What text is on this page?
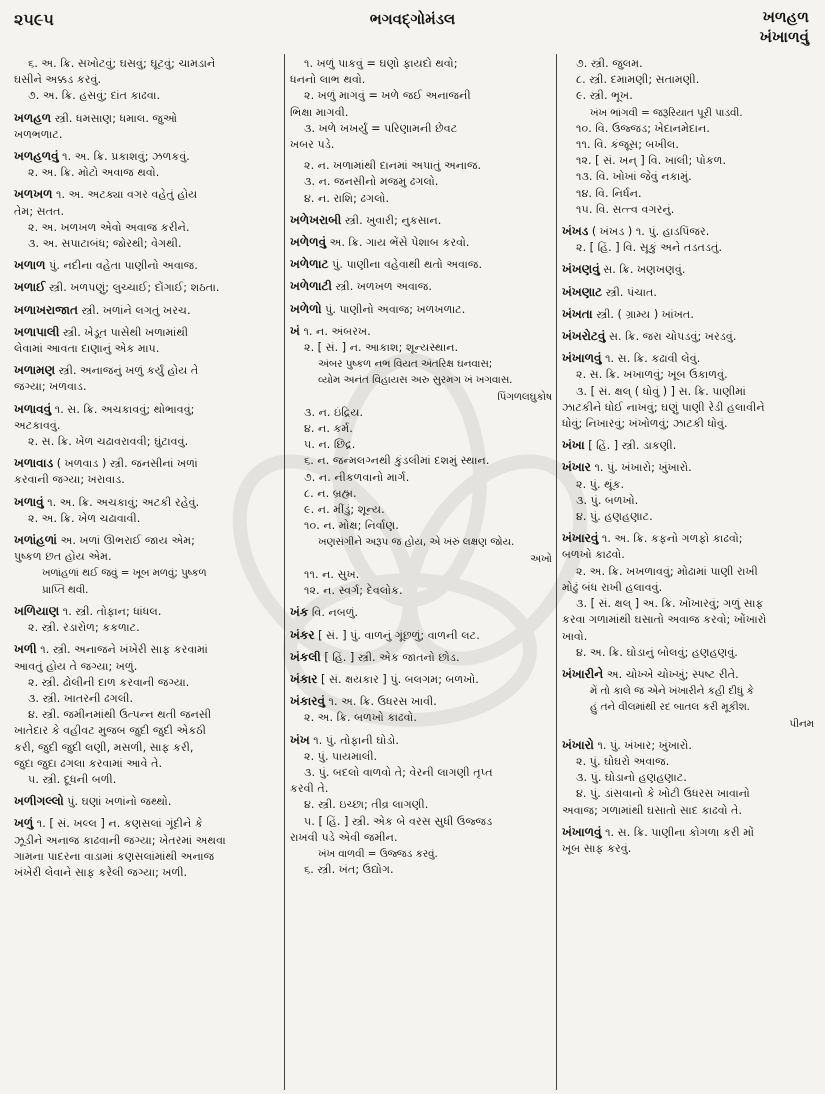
૨૫૯૫	ભગવદ્ગોમંડલ	ખળહળ
ખંખાળવું
૬. અ. ક્રિ. સખોટવું; ઘસવું; ઘૂટવું; ચામડાને
ઘસીને અક્કડ કરવું.
૭. અ. ક્રિ. હસવું; દાંત કાઢવા.
ખળહળ સ્ત્રી. ધમસાણ; ધમાલ. જુઓ
ખળભળાટ.
ખળહળવું ૧. અ. ક્રિ. પ્રકાશવું; ઝળકવું.
૨. અ. ક્રિ. મોટો અવાજ થવો.
ખળખળ ૧. અ. અટક્યા વગર વહેતું હોય
તેમ; સતત.
૨. અ. ખળખળ એવો અવાજ કરીને.
૩. અ. સપાટાબંધ; જોરથી; વેગથી.
ખળાળ પું. નદીના વહેતા પાણીનો અવાજ.
ખળાઈ સ્ત્રી. ખળપણું; લુચ્ચાઈ; દોંગાઈ; શઠતા.
ખળાખરાજાત સ્ત્રી. ખળાંને લગતું ખરચ.
ખળાપાલી સ્ત્રી. ખેડૂત પાસેથી ખળામાંથી
લેવામાં આવતા દાણાનું એક માપ.
ખળામણ સ્ત્રી. અનાજનું ખળું કર્યું હોય તે
જગ્યા; ખળવાડ.
ખળાવવું ૧. સ. ક્રિ. અચકાવવું; થોભાવવું;
અટકાવવું.
૨. સ. ક્રિ. ખેળ ચઢાવરાવવી; ઘુંટાવવું.
ખળાવાડ ( ખળવાડ ) સ્ત્રી. જનસીનાં ખળાં
કરવાની જગ્યા; ખરાવાડ.
ખળાવું ૧. અ. ક્રિ. અચકાવું; અટકી રહેવું.
૨. અ. ક્રિ. ખેળ ચઢાવાવી.
ખળાંહળાં અ. ખળાં ઊભરાઈ જાય એમ;
પુષ્કળ છત હોય એમ.
ખળાંહળાં થઈ જવું = ખૂબ મળવું; પુષ્કળ
પ્રાપ્તિ થવી.
ખળિયાણ ૧. સ્ત્રી. તોફાન; ધાંધલ.
૨. સ્ત્રી. રડારોળ; કકળાટ.
ખળી ૧. સ્ત્રી. અનાજને ખંખેરી સાફ કરવામાં
આવતું હોય તે જગ્યા; ખળું.
૨. સ્ત્રી. ઢોલીની દાળ કરવાની જગ્યા.
૩. સ્ત્રી. ખાતરની ઢગલી.
૪. સ્ત્રી. જમીનમાંથી ઉત્પન્ન થતી જનસી
ખાતેદાર કે વહીવટ મુજબ જુદી જુદી એકઠી
કરી, જુદી જુદી લણી, મસળી, સાફ કરી,
જુદા જુદા ઢગલા કરવામાં આવે તે.
૫. સ્ત્રી. દૂધની બળી.
ખળીગલ્લો પું. ઘણાં ખળાંનો જથ્થો.
ખળું ૧. [ સં. ખલ્લ ] ન. કણસલાં ગૂંદીને કે
ઝૂડીને અનાજ કાઢવાની જગ્યા; ખેતરમાં અથવા
ગામના પાદરના વાડામાં કણસલાંમાંથી અનાજ
ખંખેરી લેવાને સાફ કરેલી જગ્યા; ખળી.
૧. ખળું પાકવું = ઘણો ફાયદો થવો;
ધનનો લાભ થવો.
૨. ખળું માગવું = ખળે જઈ અનાજની
ભિક્ષા માગવી.
૩. ખળે ખખર્યું = પરિણામની છેવટ
ખબર પડે.
૨. ન. ખળામાંથી દાનમાં અપાતું અનાજ.
૩. ન. જનસીનો મજમુ ઢગલો.
૪. ન. રાશિ; ઢગલો.
ખળેખરાબી સ્ત્રી. ખુવારી; નુકસાન.
ખળેળવું અ. ક્રિ. ગાય ભેંસે પેશાબ કરવો.
ખળેળાટ પું. પાણીના વહેવાથી થતો અવાજ.
ખળેળાટી સ્ત્રી. ખળખળ અવાજ.
ખળેળો પું. પાણીનો અવાજ; ખળખળાટ.
ખં ૧. ન. અંબરખ.
૨. [ સં. ] ન. આકાશ; શૂન્યસ્થાન.
અંબર પુષ્કળ નભ વિયત અંતરિક્ષ ઘનવાસ;
વ્યોમ અનંત વિહાયસ અરુ સુરમગ ખં ખગવાસ.
પિંગળલઘુકોષ
૩. ન. ઇંદ્રિય.
૪. ન. કર્મ.
૫. ન. છિદ્ર.
૬. ન. જન્મલગ્નથી કુંડલીમાં દશમું સ્થાન.
૭. ન. નીકળવાનો માર્ગ.
૮. ન. બ્રહ્મ.
૯. ન. મીંડું; શૂન્ય.
૧૦. ન. મોક્ષ; નિર્વાણ.
ખણસંગીને અરૂપ જ હોય, એ ખંરું લક્ષણ જોય.
અખો
૧૧. ન. સુખ.
૧૨. ન. સ્વર્ગ; દેવલોક.
ખંક વિ. નબળું.
ખંકર [ સં. ] પું. વાળનું ગૂંછળું; વાળની લટ.
ખંકલી [ હિં. ] સ્ત્રી. એક જાતનો છોડ.
ખંકાર [ સં. ક્ષયકાર ] પું. બલગમ; બળખો.
ખંકારવું ૧. અ. ક્રિ. ઉધરસ ખાવી.
૨. અ. ક્રિ. બળખો કાઢવો.
ખંખ ૧. પું. તોફાની ઘોડો.
૨. પું. પાયમાલી.
૩. પું. બદલો વાળવો તે; વેરની લાગણી તૃપ્ત
કરવી તે.
૪. સ્ત્રી. ઇચ્છા; તીવ્ર લાગણી.
૫. [ હિં. ] સ્ત્રી. એક બે વરસ સુધી ઉજ્જડ
રાખવી પડે એવી જમીન.
ખંખ વાળવી = ઉજ્જડ કરવું.
૬. સ્ત્રી. ખંત; ઉદ્યોગ.
૭. સ્ત્રી. જુલમ.
૮. સ્ત્રી. દમામણી; સતામણી.
૯. સ્ત્રી. ભૂખ.
ખંખ ભાંગવી = જરૂરિયાત પૂરી પાડવી.
૧૦. વિ. ઉજ્જડ; ખેદાનમેદાન.
૧૧. વિ. કંજૂસ; બખીલ.
૧૨. [ સં. ખન્ ] વિ. ખાલી; પોકળ.
૧૩. વિ. ખોખાં જેવું નકામું.
૧૪. વિ. નિર્ધન.
૧૫. વિ. સત્ત્વ વગરનું.
ખંખડ ( ખંખડ ) ૧. પું. હાડપિંજર.
૨. [ હિં. ] વિ. સૂકું અને તડતડતું.
ખંખણવું સ. ક્રિ. ખણખણવું.
ખંખણાટ સ્ત્રી. પંચાત.
ખંખતા સ્ત્રી. ( ગ્રામ્ય ) ખાંખત.
ખંખરોટવું સ. ક્રિ. જરા ચોપડવું; ખરડવું.
ખંખાળવું ૧. સ. ક્રિ. કઢાવી લેવું.
૨. સ. ક્રિ. ખખાળવું; ખૂબ ઉકાળવું.
૩. [ સં. ક્ષલ્ ( ધોવું ) ] સ. ક્રિ. પાણીમાં
ઝાટકીને ધોઈ નાખવું; ઘણું પાણી રેડી હલાવીને
ધોવું; નિખારવું; ખંખોળવું; ઝાટકી ધોવું.
ખંખા [ હિં. ] સ્ત્રી. ડાકણી.
ખંખાર ૧. પું. ખંખારો; ખુંખારો.
૨. પું. થૂંક.
૩. પું. બળખો.
૪. પું. હણહણાટ.
ખંખારવું ૧. અ. ક્રિ. કફનો ગળફો કાઢવો;
બળખો કાઢવો.
૨. અ. ક્રિ. ખખળાવવું; મોઢામાં પાણી રાખી
મોઢું બંધ રાખી હલાવવું.
૩. [ સં. ક્ષલ્ ] અ. ક્રિ. ખોંખારવું; ગળું સાફ
કરવા ગળામાંથી ઘસાતો અવાજ કરવો; ખોંખારો
ખાવો.
૪. અ. ક્રિ. ઘોડાનું બોલવું; હણહણવું.
ખંખારીને અ. ચોખ્ખે ચોખ્ખું; સ્પષ્ટ રીતે.
મેં તો કાલે જ એને ખંખારીને કહી દીધું કે
હું તને વીલમાંથી રદ બાતલ કરી મૂકીશ.
પીનમ
ખંખારો ૧. પું. ખંખાર; ખુંખારો.
૨. પું. ઘોઘરો અવાજ.
૩. પું. ઘોડાનો હણહણાટ.
૪. પું. ડાંસવાનો કે ખોટી ઉધરસ ખાવાનો
અવાજ; ગળામાંથી ઘસાતો સાદ કાઢવો તે.
ખંખાળવું ૧. સ. ક્રિ. પાણીના કોગળા કરી મોં
ખૂબ સાફ કરવું.
